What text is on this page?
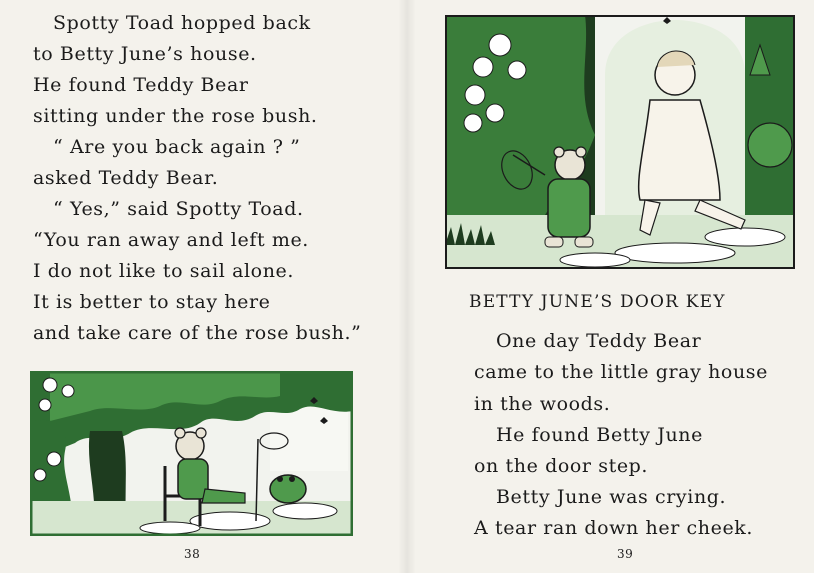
Spotty Toad hopped back
to Betty June’s house.
He found Teddy Bear
sitting under the rose bush.
“ Are you back again ? ”
asked Teddy Bear.
“ Yes,” said Spotty Toad.
“You ran away and left me.
I do not like to sail alone.
It is better to stay here
and take care of the rose bush.”
38
BETTY JUNE’S DOOR KEY
One day Teddy Bear
came to the little gray house
in the woods.
He found Betty June
on the door step.
Betty June was crying.
A tear ran down her cheek.
39
